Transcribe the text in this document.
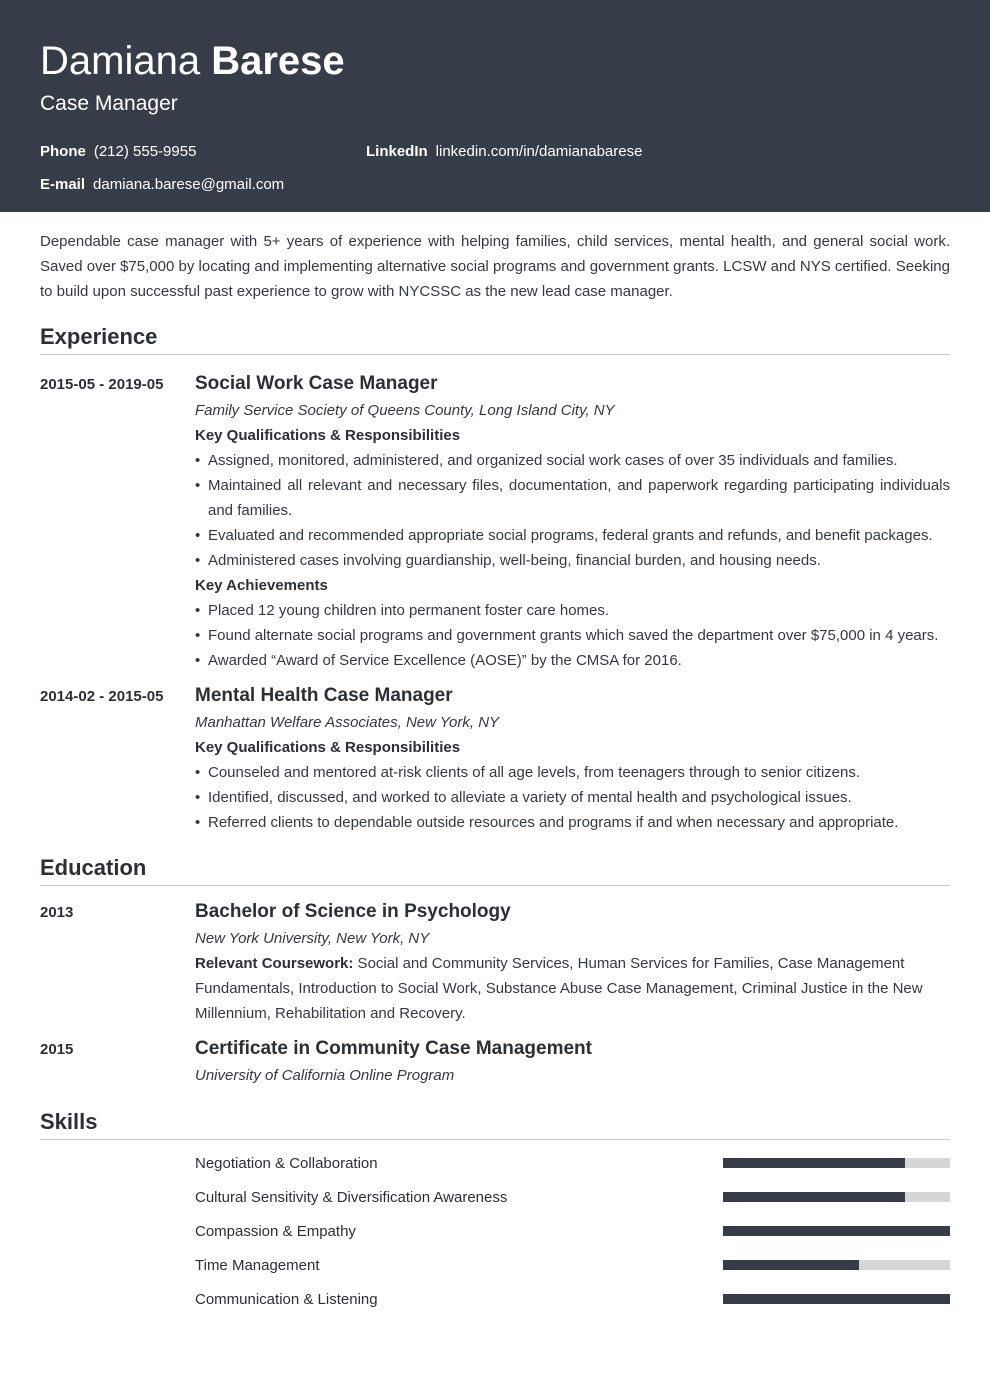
Damiana Barese
Case Manager
Phone (212) 555-9955	LinkedIn linkedin.com/in/damianabarese
E-mail damiana.barese@gmail.com

Dependable case manager with 5+ years of experience with helping families, child services, mental health, and general social work. Saved over $75,000 by locating and implementing alternative social programs and government grants. LCSW and NYS certified. Seeking to build upon successful past experience to grow with NYCSSC as the new lead case manager.

Experience
2015-05 - 2019-05	Social Work Case Manager
Family Service Society of Queens County, Long Island City, NY
Key Qualifications & Responsibilities
• Assigned, monitored, administered, and organized social work cases of over 35 individuals and families.
• Maintained all relevant and necessary files, documentation, and paperwork regarding participating individuals and families.
• Evaluated and recommended appropriate social programs, federal grants and refunds, and benefit packages.
• Administered cases involving guardianship, well-being, financial burden, and housing needs.
Key Achievements
• Placed 12 young children into permanent foster care homes.
• Found alternate social programs and government grants which saved the department over $75,000 in 4 years.
• Awarded “Award of Service Excellence (AOSE)” by the CMSA for 2016.
2014-02 - 2015-05	Mental Health Case Manager
Manhattan Welfare Associates, New York, NY
Key Qualifications & Responsibilities
• Counseled and mentored at-risk clients of all age levels, from teenagers through to senior citizens.
• Identified, discussed, and worked to alleviate a variety of mental health and psychological issues.
• Referred clients to dependable outside resources and programs if and when necessary and appropriate.
Education
2013	Bachelor of Science in Psychology
New York University, New York, NY
Relevant Coursework: Social and Community Services, Human Services for Families, Case Management Fundamentals, Introduction to Social Work, Substance Abuse Case Management, Criminal Justice in the New Millennium, Rehabilitation and Recovery.
2015	Certificate in Community Case Management
University of California Online Program
Skills
Negotiation & Collaboration
Cultural Sensitivity & Diversification Awareness
Compassion & Empathy
Time Management
Communication & Listening
